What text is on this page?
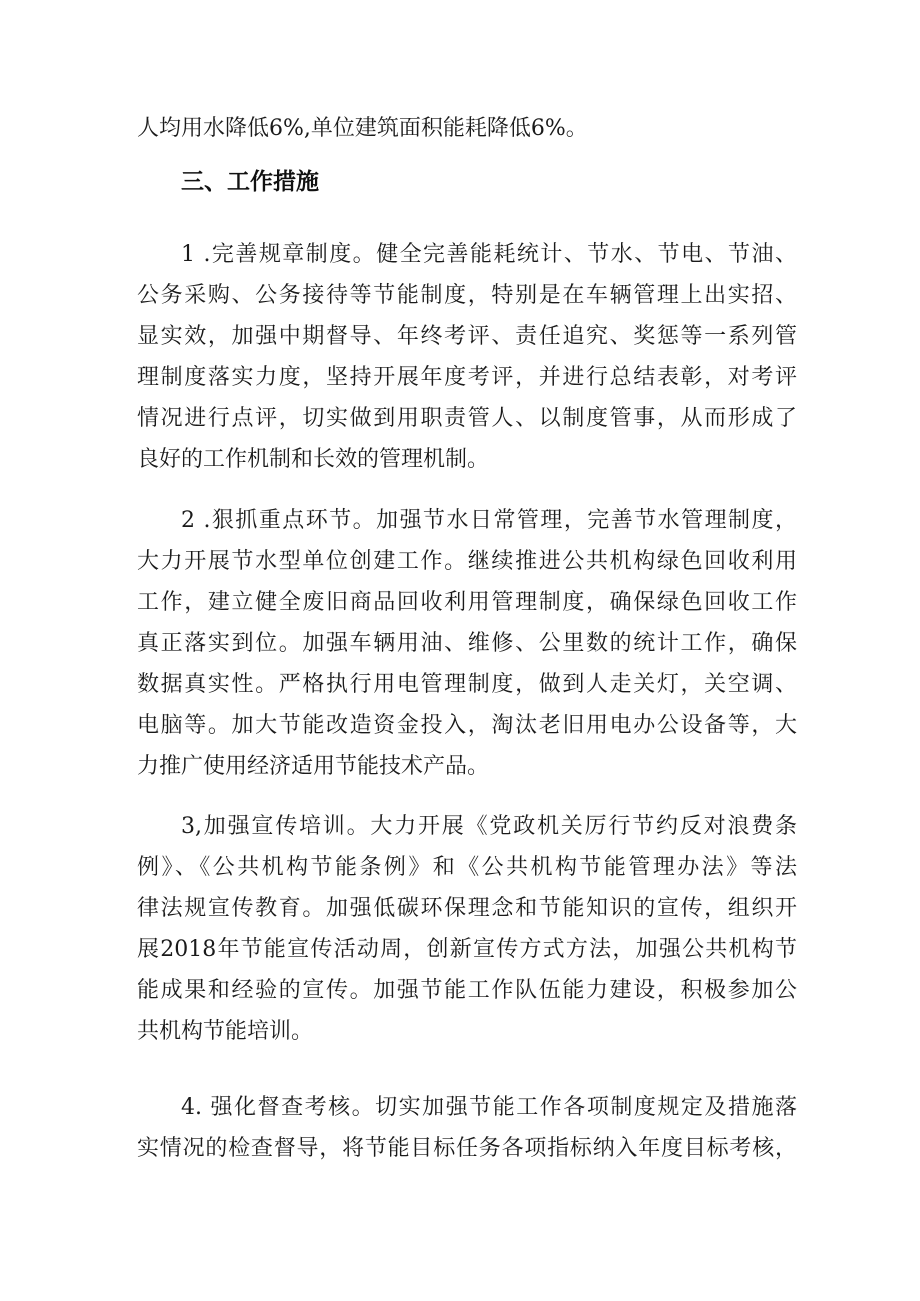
人均用水降低6%,单位建筑面积能耗降低6%。
三、工作措施
1 .完善规章制度。健全完善能耗统计、节水、节电、节油、
公务采购、公务接待等节能制度，特别是在车辆管理上出实招、
显实效，加强中期督导、年终考评、责任追究、奖惩等一系列管
理制度落实力度，坚持开展年度考评，并进行总结表彰，对考评
情况进行点评，切实做到用职责管人、以制度管事，从而形成了
良好的工作机制和长效的管理机制。
2 .狠抓重点环节。加强节水日常管理，完善节水管理制度，
大力开展节水型单位创建工作。继续推进公共机构绿色回收利用
工作，建立健全废旧商品回收利用管理制度，确保绿色回收工作
真正落实到位。加强车辆用油、维修、公里数的统计工作，确保
数据真实性。严格执行用电管理制度，做到人走关灯，关空调、
电脑等。加大节能改造资金投入，淘汰老旧用电办公设备等，大
力推广使用经济适用节能技术产品。
3,加强宣传培训。大力开展《党政机关厉行节约反对浪费条
例》、《公共机构节能条例》和《公共机构节能管理办法》等法
律法规宣传教育。加强低碳环保理念和节能知识的宣传，组织开
展2018年节能宣传活动周，创新宣传方式方法，加强公共机构节
能成果和经验的宣传。加强节能工作队伍能力建设，积极参加公
共机构节能培训。
4. 强化督查考核。切实加强节能工作各项制度规定及措施落
实情况的检查督导，将节能目标任务各项指标纳入年度目标考核，
